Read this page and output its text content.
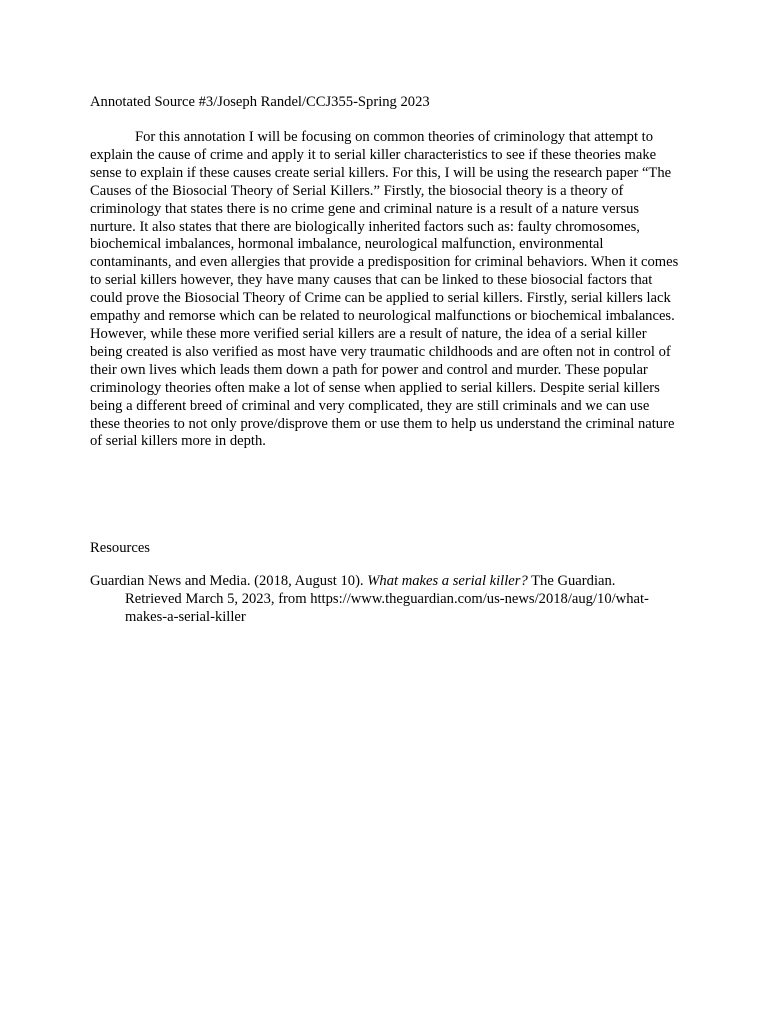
Annotated Source #3/Joseph Randel/CCJ355-Spring 2023

For this annotation I will be focusing on common theories of criminology that attempt to explain the cause of crime and apply it to serial killer characteristics to see if these theories make sense to explain if these causes create serial killers. For this, I will be using the research paper “The Causes of the Biosocial Theory of Serial Killers.” Firstly, the biosocial theory is a theory of criminology that states there is no crime gene and criminal nature is a result of a nature versus nurture. It also states that there are biologically inherited factors such as: faulty chromosomes, biochemical imbalances, hormonal imbalance, neurological malfunction, environmental contaminants, and even allergies that provide a predisposition for criminal behaviors. When it comes to serial killers however, they have many causes that can be linked to these biosocial factors that could prove the Biosocial Theory of Crime can be applied to serial killers. Firstly, serial killers lack empathy and remorse which can be related to neurological malfunctions or biochemical imbalances. However, while these more verified serial killers are a result of nature, the idea of a serial killer being created is also verified as most have very traumatic childhoods and are often not in control of their own lives which leads them down a path for power and control and murder. These popular criminology theories often make a lot of sense when applied to serial killers. Despite serial killers being a different breed of criminal and very complicated, they are still criminals and we can use these theories to not only prove/disprove them or use them to help us understand the criminal nature of serial killers more in depth.

Resources

Guardian News and Media. (2018, August 10). What makes a serial killer? The Guardian. Retrieved March 5, 2023, from https://www.theguardian.com/us-news/2018/aug/10/what-makes-a-serial-killer
